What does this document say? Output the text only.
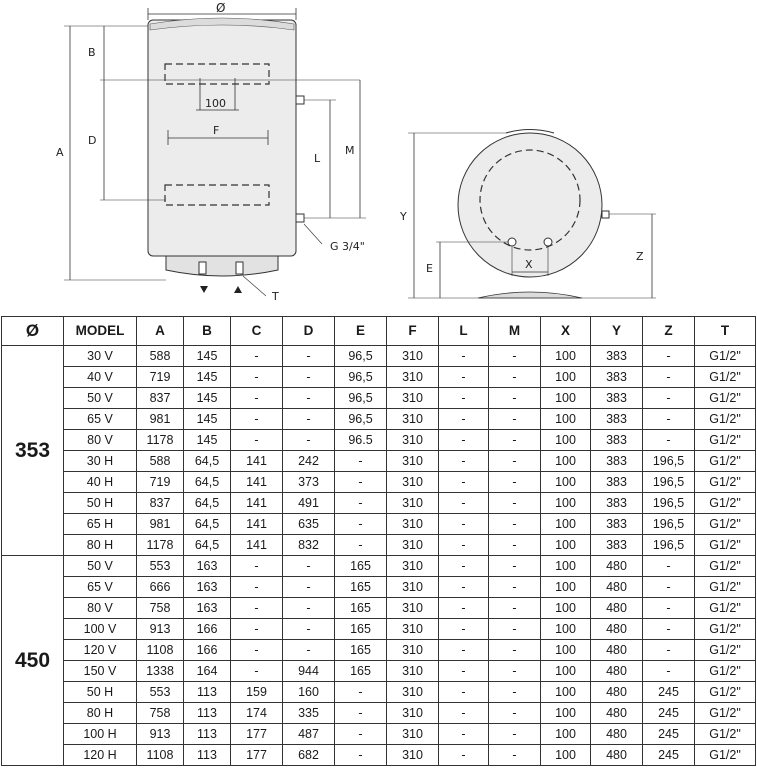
100
F
Ø
A
B
D
L
M
G 3/4"
T
X
Y
E
Z
Ø	MODEL	A	B	C	D	E	F	L	M	X	Y	Z	T
353	30 V	588	145	-	-	96,5	310	-	-	100	383	-	G1/2"
	40 V	719	145	-	-	96,5	310	-	-	100	383	-	G1/2"
	50 V	837	145	-	-	96,5	310	-	-	100	383	-	G1/2"
	65 V	981	145	-	-	96,5	310	-	-	100	383	-	G1/2"
	80 V	1178	145	-	-	96.5	310	-	-	100	383	-	G1/2"
	30 H	588	64,5	141	242	-	310	-	-	100	383	196,5	G1/2"
	40 H	719	64,5	141	373	-	310	-	-	100	383	196,5	G1/2"
	50 H	837	64,5	141	491	-	310	-	-	100	383	196,5	G1/2"
	65 H	981	64,5	141	635	-	310	-	-	100	383	196,5	G1/2"
	80 H	1178	64,5	141	832	-	310	-	-	100	383	196,5	G1/2"
450	50 V	553	163	-	-	165	310	-	-	100	480	-	G1/2"
	65 V	666	163	-	-	165	310	-	-	100	480	-	G1/2"
	80 V	758	163	-	-	165	310	-	-	100	480	-	G1/2"
	100 V	913	166	-	-	165	310	-	-	100	480	-	G1/2"
	120 V	1108	166	-	-	165	310	-	-	100	480	-	G1/2"
	150 V	1338	164	-	944	165	310	-	-	100	480	-	G1/2"
	50 H	553	113	159	160	-	310	-	-	100	480	245	G1/2"
	80 H	758	113	174	335	-	310	-	-	100	480	245	G1/2"
	100 H	913	113	177	487	-	310	-	-	100	480	245	G1/2"
	120 H	1108	113	177	682	-	310	-	-	100	480	245	G1/2"
